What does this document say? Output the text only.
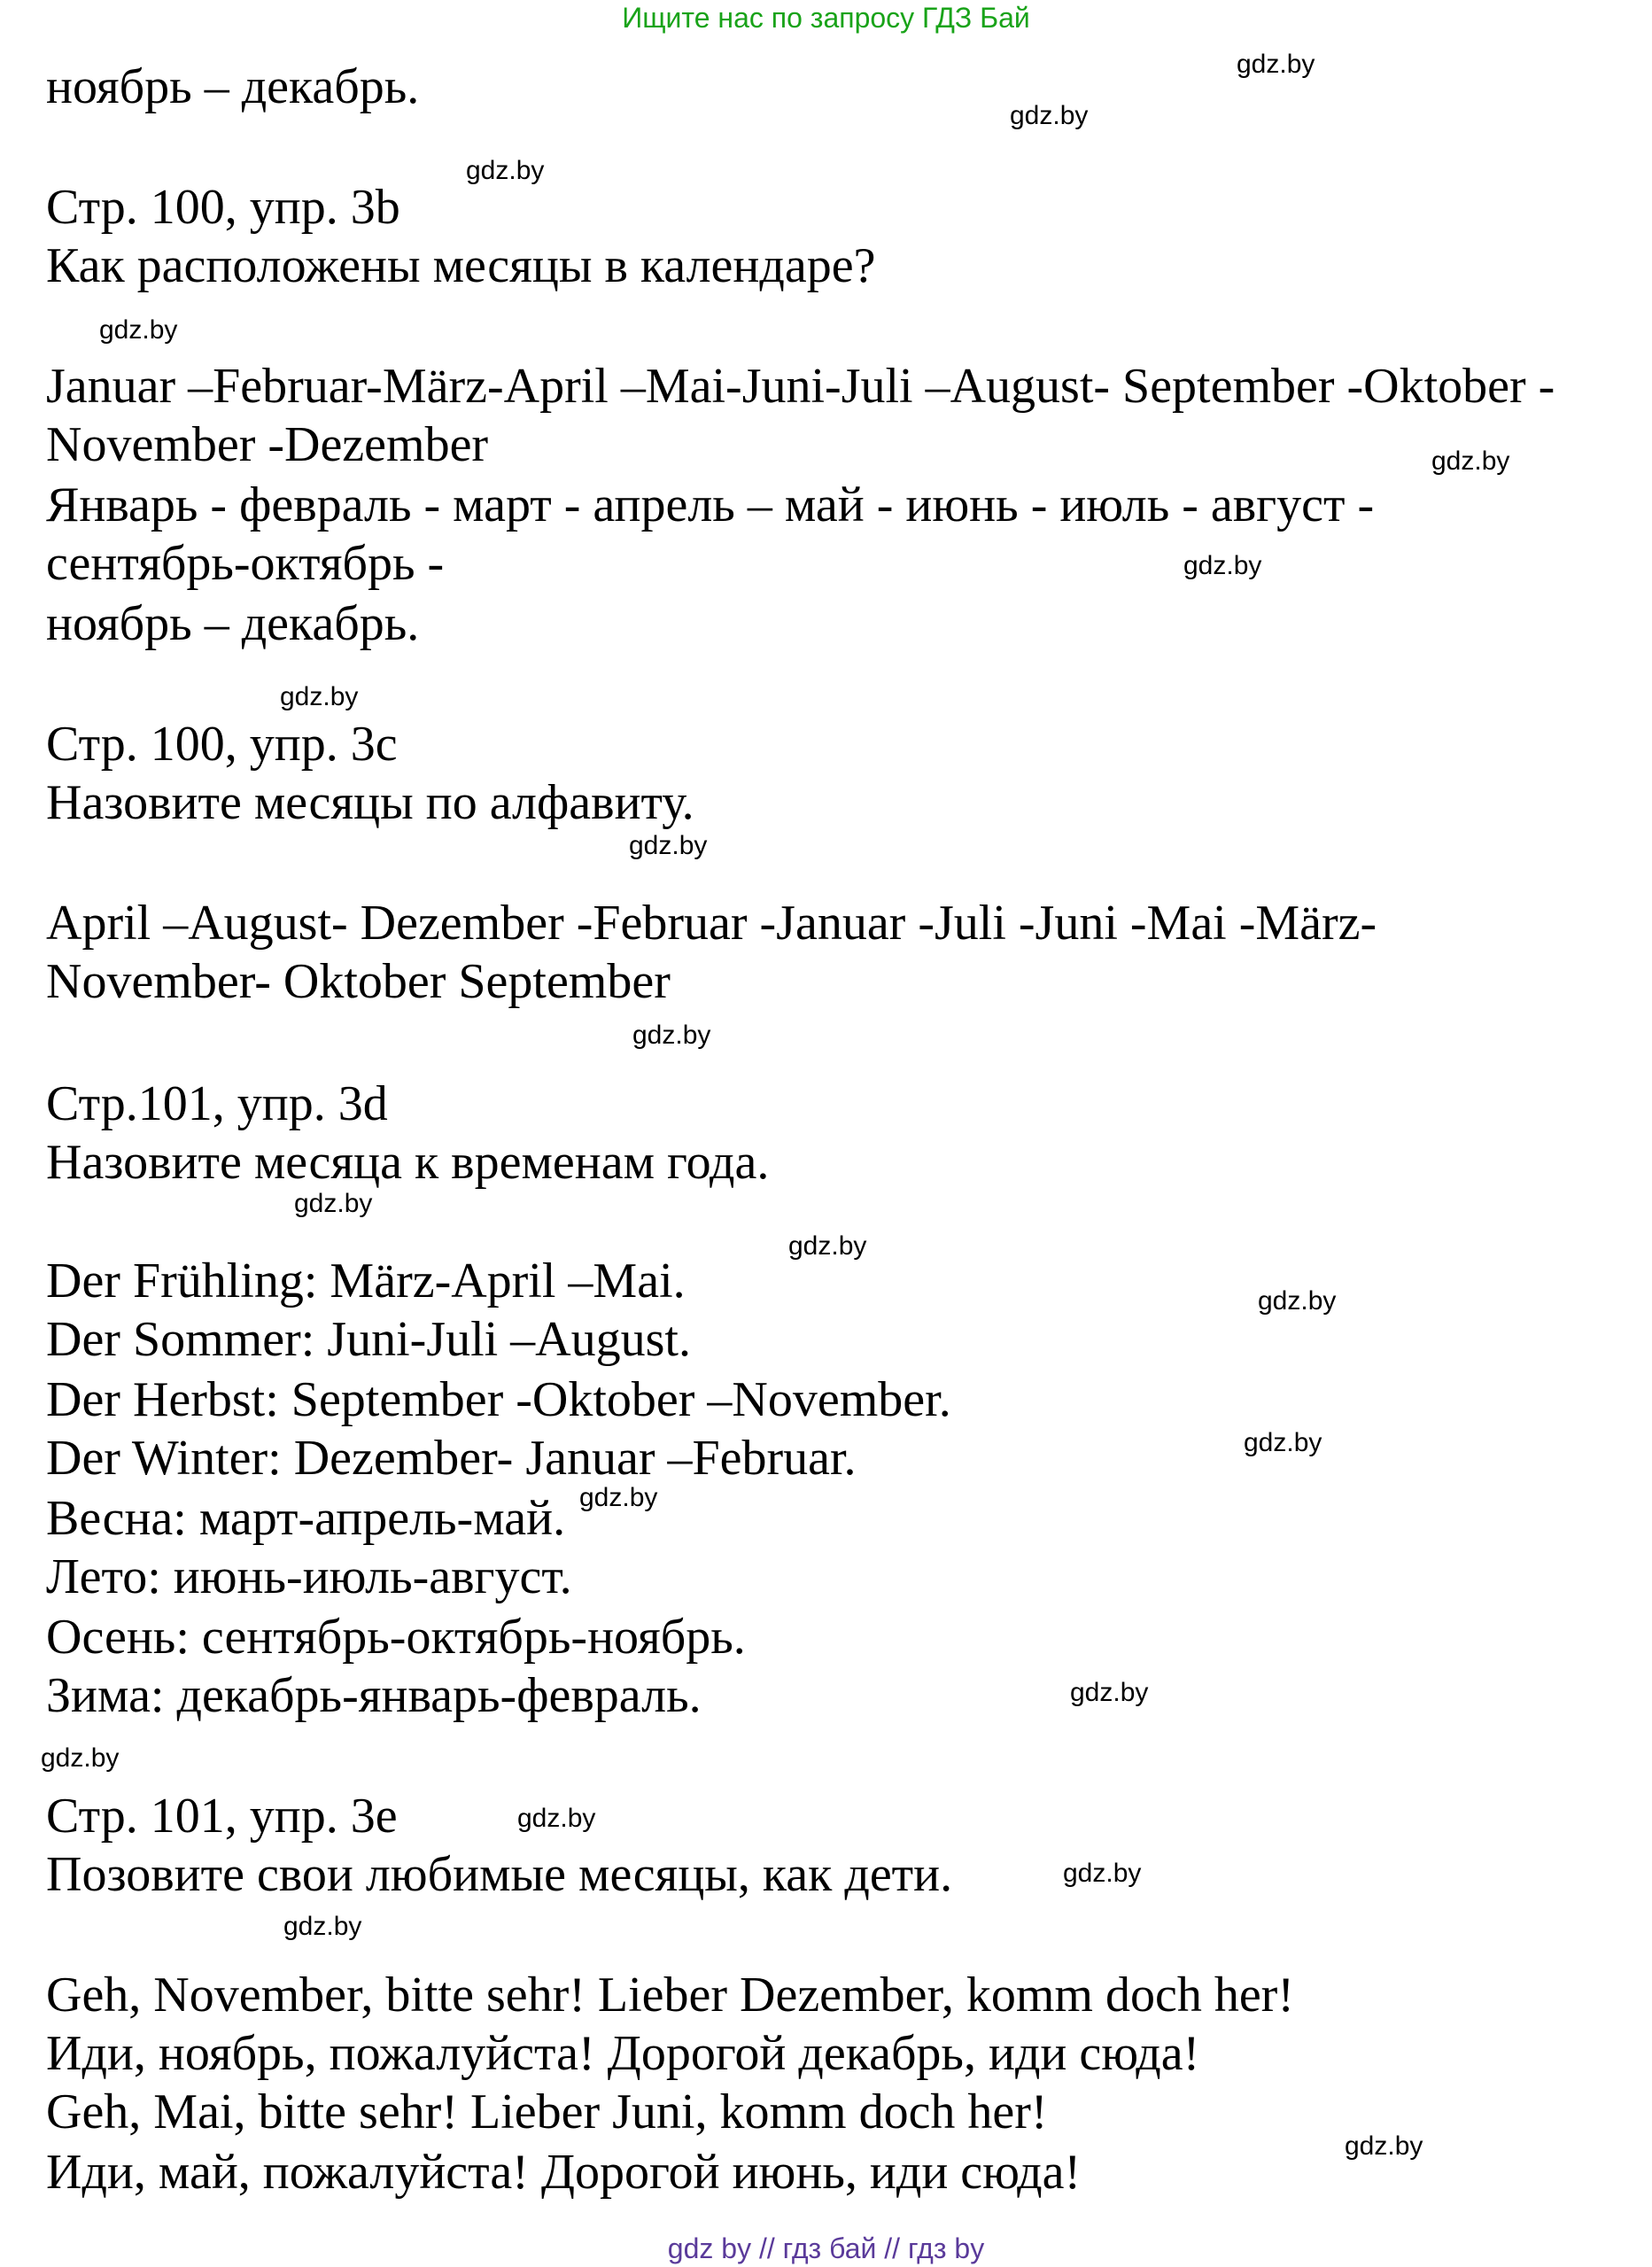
Ищите нас по запросу ГДЗ Бай

ноябрь – декабрь.

Стр. 100, упр. 3b

Как расположены месяцы в календаре?

Januar –Februar-März-April –Mai-Juni-Juli –August- September -Oktober -

November -Dezember

Январь - февраль - март - апрель – май - июнь - июль - август -

сентябрь-октябрь -

ноябрь – декабрь.

Стр. 100, упр. 3c

Назовите месяцы по алфавиту.

April –August- Dezember -Februar -Januar -Juli -Juni -Mai -März-

November- Oktober September

Стр.101, упр. 3d

Назовите месяца к временам года.

Der Frühling: März-April –Mai.

Der Sommer: Juni-Juli –August.

Der Herbst: September -Oktober –November.

Der Winter: Dezember- Januar –Februar.

Весна: март-апрель-май.

Лето: июнь-июль-август.

Осень: сентябрь-октябрь-ноябрь.

Зима: декабрь-январь-февраль.

Стр. 101, упр. 3e

Позовите свои любимые месяцы, как дети.

Geh, November, bitte sehr! Lieber Dezember, komm doch her!

Иди, ноябрь, пожалуйста! Дорогой декабрь, иди сюда!

Geh, Mai, bitte sehr! Lieber Juni, komm doch her!

Иди, май, пожалуйста! Дорогой июнь, иди сюда!

gdz.by
gdz.by
gdz.by
gdz.by
gdz.by
gdz.by
gdz.by
gdz.by
gdz.by
gdz.by
gdz.by
gdz.by
gdz.by
gdz.by
gdz.by
gdz.by
gdz.by
gdz.by
gdz.by
gdz.by
gdz by // гдз бай // гдз by
